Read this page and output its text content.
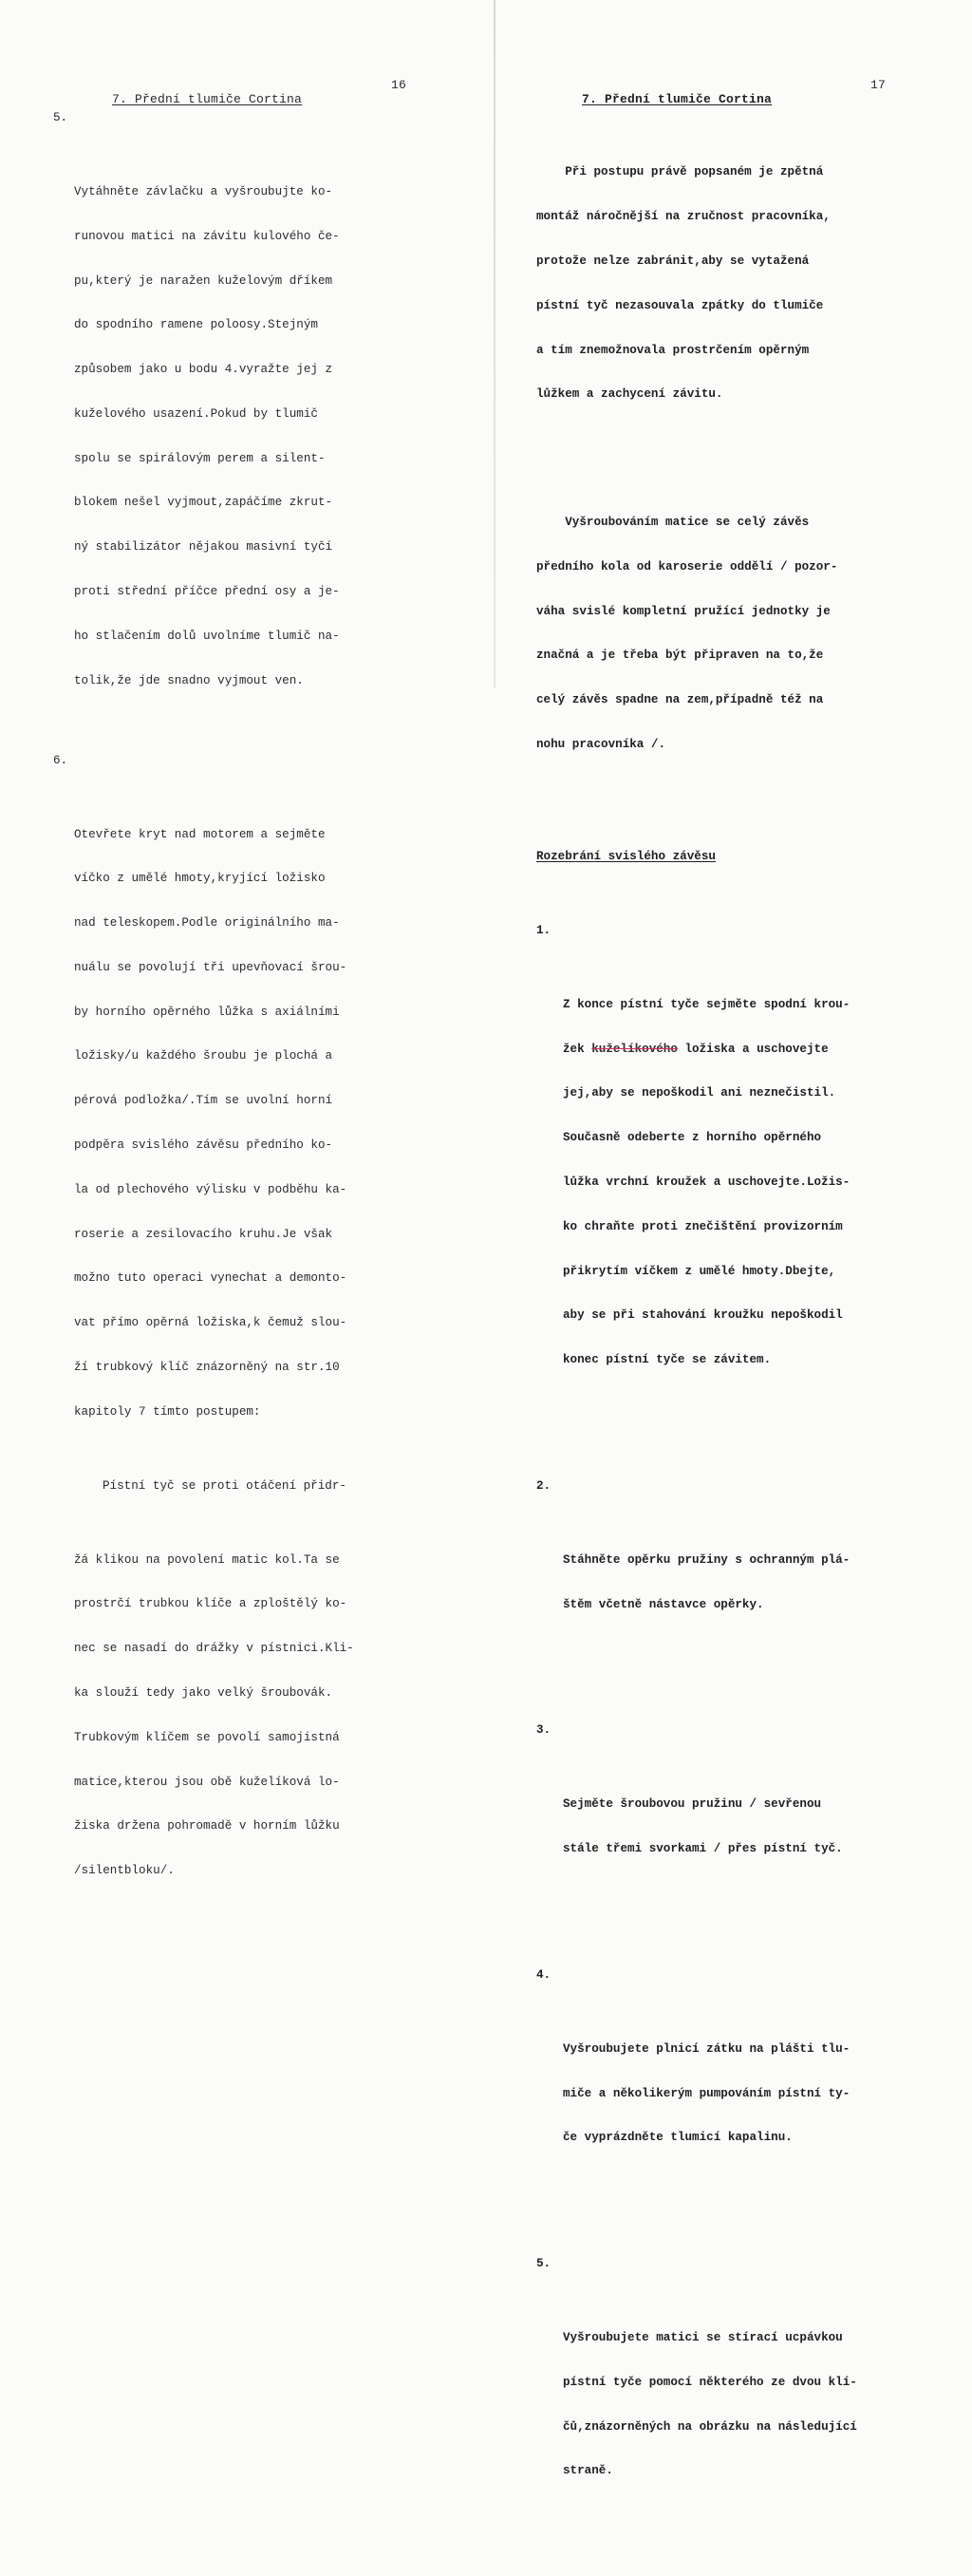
7. Přední tlumiče Cortina

16

5.

Vytáhněte závlačku a vyšroubujte ko-

runovou matici na závitu kulového če-

pu,který je naražen kuželovým dříkem

do spodního ramene poloosy.Stejným

způsobem jako u bodu 4.vyražte jej z

kuželového usazení.Pokud by tlumič

spolu se spirálovým perem a silent-

blokem nešel vyjmout,zapáčíme zkrut-

ný stabilizátor nějakou masivní tyčí

proti střední příčce přední osy a je-

ho stlačením dolů uvolníme tlumič na-

tolik,že jde snadno vyjmout ven.

6.

Otevřete kryt nad motorem a sejměte

víčko z umělé hmoty,kryjící ložisko

nad teleskopem.Podle originálního ma-

nuálu se povolují tři upevňovací šrou-

by horního opěrného lůžka s axiálními

ložisky/u každého šroubu je plochá a

pérová podložka/.Tím se uvolní horní

podpěra svislého závěsu předního ko-

la od plechového výlisku v podběhu ka-

roserie a zesilovacího kruhu.Je však

možno tuto operaci vynechat a demonto-

vat přímo opěrná ložiska,k čemuž slou-

ží trubkový klíč znázorněný na str.10

kapitoly 7 tímto postupem:

Pístní tyč se proti otáčení přidr-

žá klikou na povolení matic kol.Ta se

prostrčí trubkou klíče a zploštělý ko-

nec se nasadí do drážky v pístnici.Kli-

ka slouží tedy jako velký šroubovák.

Trubkovým klíčem se povolí samojistná

matice,kterou jsou obě kuželíková lo-

žiska držena pohromadě v horním lůžku

/silentbloku/.

7. Přední tlumiče Cortina

17

Při postupu právě popsaném je zpětná

montáž náročnější na zručnost pracovníka,

protože nelze zabránit,aby se vytažená

pístní tyč nezasouvala zpátky do tlumiče

a tím znemožnovala prostrčením opěrným

lůžkem a zachycení závitu.

Vyšroubováním matice se celý závěs

předního kola od karoserie oddělí / pozor-

váha svislé kompletní pružící jednotky je

značná a je třeba být připraven na to,že

celý závěs spadne na zem,případně též na

nohu pracovníka /.

Rozebrání svislého závěsu

1.

Z konce pístní tyče sejměte spodní krou-

žek kuželíkového ložiska a uschovejte

jej,aby se nepoškodil ani neznečistil.

Současně odeberte z horního opěrného

lůžka vrchní kroužek a uschovejte.Ložis-

ko chraňte proti znečištění provizorním

přikrytím víčkem z umělé hmoty.Dbejte,

aby se při stahování kroužku nepoškodil

konec pístní tyče se závitem.

2.

Stáhněte opěrku pružiny s ochranným plá-

štěm včetně nástavce opěrky.

3.

Sejměte šroubovou pružinu / sevřenou

stále třemi svorkami / přes pístní tyč.

4.

Vyšroubujete plnicí zátku na plášti tlu-

miče a několikerým pumpováním pístní ty-

če vyprázdněte tlumicí kapalinu.

5.

Vyšroubujete matici se stírací ucpávkou

pístní tyče pomocí některého ze dvou klí-

čů,znázorněných na obrázku na následující

straně.
